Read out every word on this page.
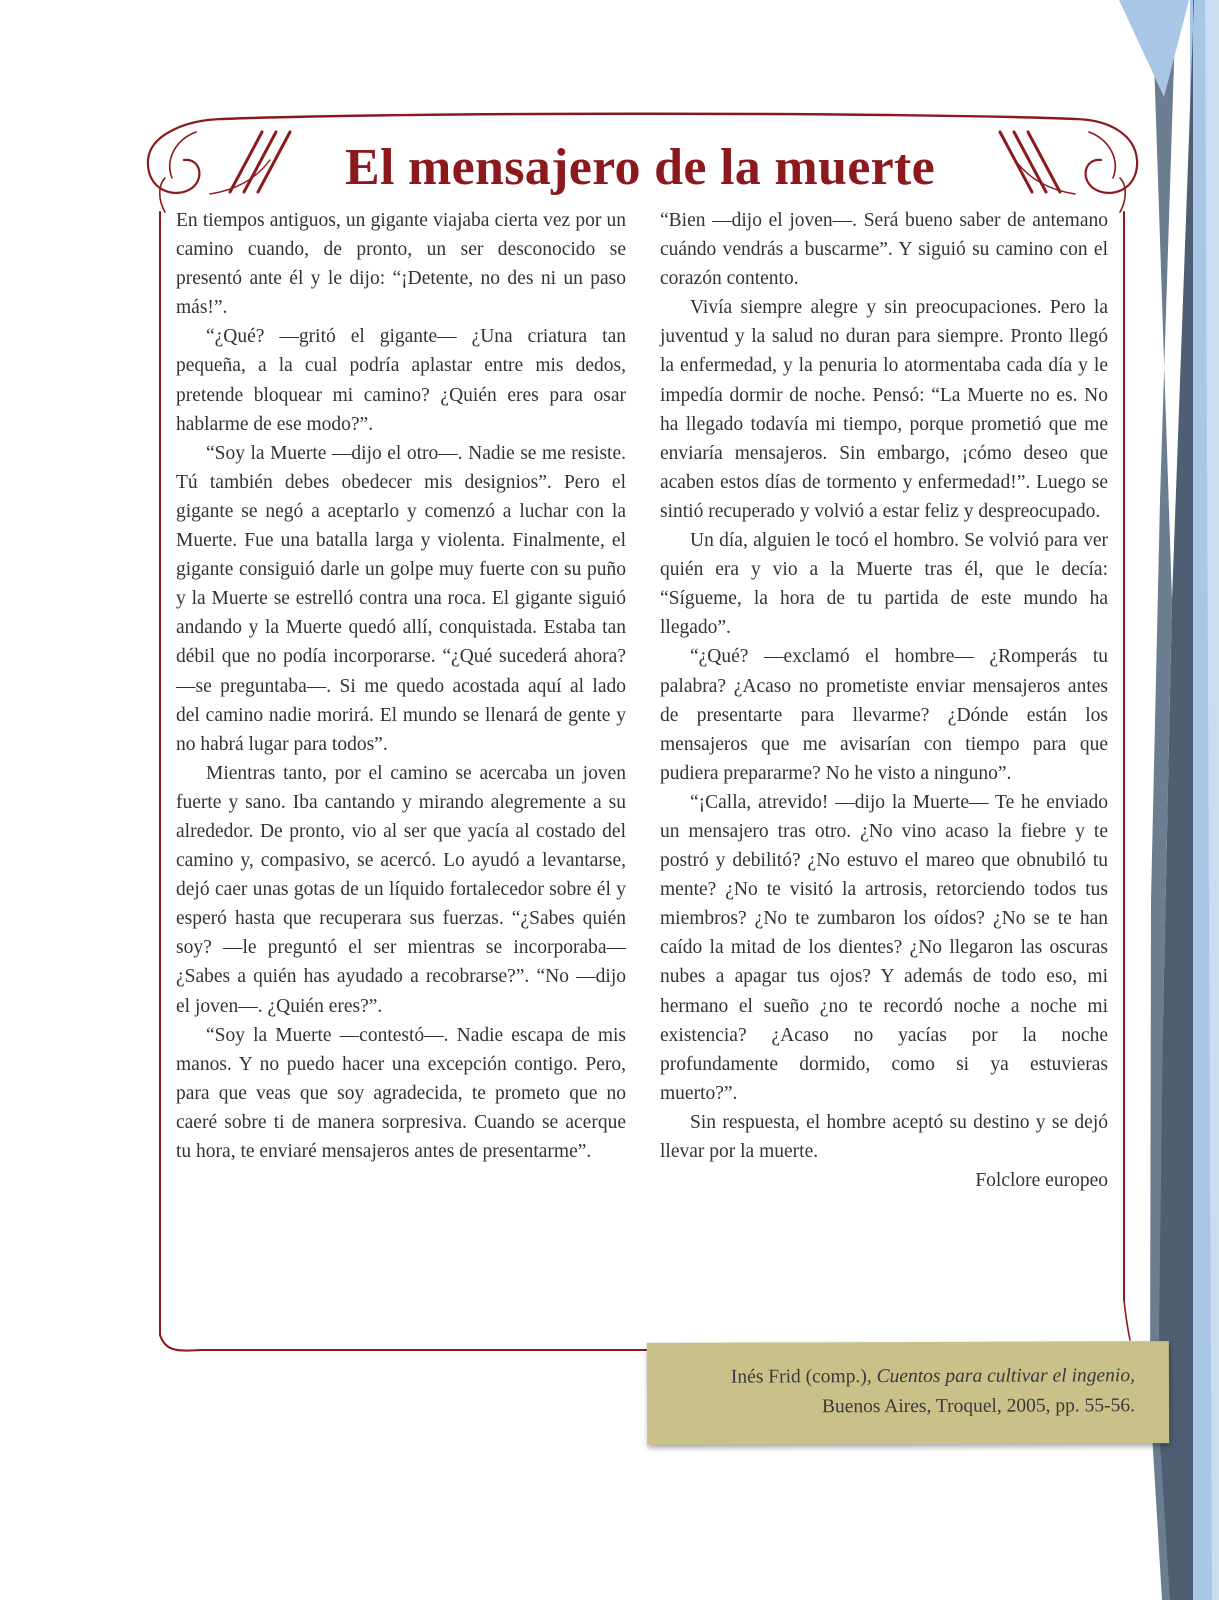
65
El mensajero de la muerte

En tiempos antiguos, un gigante viajaba cierta vez por un camino cuando, de pronto, un ser desconocido se presentó ante él y le dijo: “¡Detente, no des ni un paso más!”.

“¿Qué? —gritó el gigante— ¿Una criatura tan pequeña, a la cual podría aplastar entre mis dedos, pretende bloquear mi camino? ¿Quién eres para osar hablarme de ese modo?”.

“Soy la Muerte —dijo el otro—. Nadie se me resiste. Tú también debes obedecer mis designios”. Pero el gigante se negó a aceptarlo y comenzó a luchar con la Muerte. Fue una batalla larga y violenta. Finalmente, el gigante consiguió darle un golpe muy fuerte con su puño y la Muerte se estrelló contra una roca. El gigante siguió andando y la Muerte quedó allí, conquistada. Estaba tan débil que no podía incorporarse. “¿Qué sucederá ahora? —se preguntaba—. Si me quedo acostada aquí al lado del camino nadie morirá. El mundo se llenará de gente y no habrá lugar para todos”.

Mientras tanto, por el camino se acercaba un joven fuerte y sano. Iba cantando y mirando alegremente a su alrededor. De pronto, vio al ser que yacía al costado del camino y, compasivo, se acercó. Lo ayudó a levantarse, dejó caer unas gotas de un líquido fortalecedor sobre él y esperó hasta que recuperara sus fuerzas. “¿Sabes quién soy? —le preguntó el ser mientras se incorporaba— ¿Sabes a quién has ayudado a recobrarse?”. “No —dijo el joven—. ¿Quién eres?”.

“Soy la Muerte —contestó—. Nadie escapa de mis manos. Y no puedo hacer una excepción contigo. Pero, para que veas que soy agradecida, te prometo que no caeré sobre ti de manera sorpresiva. Cuando se acerque tu hora, te enviaré mensajeros antes de presentarme”.

“Bien —dijo el joven—. Será bueno saber de antemano cuándo vendrás a buscarme”. Y siguió su camino con el corazón contento.

Vivía siempre alegre y sin preocupaciones. Pero la juventud y la salud no duran para siempre. Pronto llegó la enfermedad, y la penuria lo atormentaba cada día y le impedía dormir de noche. Pensó: “La Muerte no es. No ha llegado todavía mi tiempo, porque prometió que me enviaría mensajeros. Sin embargo, ¡cómo deseo que acaben estos días de tormento y enfermedad!”. Luego se sintió recuperado y volvió a estar feliz y despreocupado.

Un día, alguien le tocó el hombro. Se volvió para ver quién era y vio a la Muerte tras él, que le decía: “Sígueme, la hora de tu partida de este mundo ha llegado”.

“¿Qué? —exclamó el hombre— ¿Romperás tu palabra? ¿Acaso no prometiste enviar mensajeros antes de presentarte para llevarme? ¿Dónde están los mensajeros que me avisarían con tiempo para que pudiera prepararme? No he visto a ninguno”.

“¡Calla, atrevido! —dijo la Muerte— Te he enviado un mensajero tras otro. ¿No vino acaso la fiebre y te postró y debilitó? ¿No estuvo el mareo que obnubiló tu mente? ¿No te visitó la artrosis, retorciendo todos tus miembros? ¿No te zumbaron los oídos? ¿No se te han caído la mitad de los dientes? ¿No llegaron las oscuras nubes a apagar tus ojos? Y además de todo eso, mi hermano el sueño ¿no te recordó noche a noche mi existencia? ¿Acaso no yacías por la noche profundamente dormido, como si ya estuvieras muerto?”.

Sin respuesta, el hombre aceptó su destino y se dejó llevar por la muerte.

Folclore europeo

Inés Frid (comp.), Cuentos para cultivar el ingenio,
Buenos Aires, Troquel, 2005, pp. 55-56.
